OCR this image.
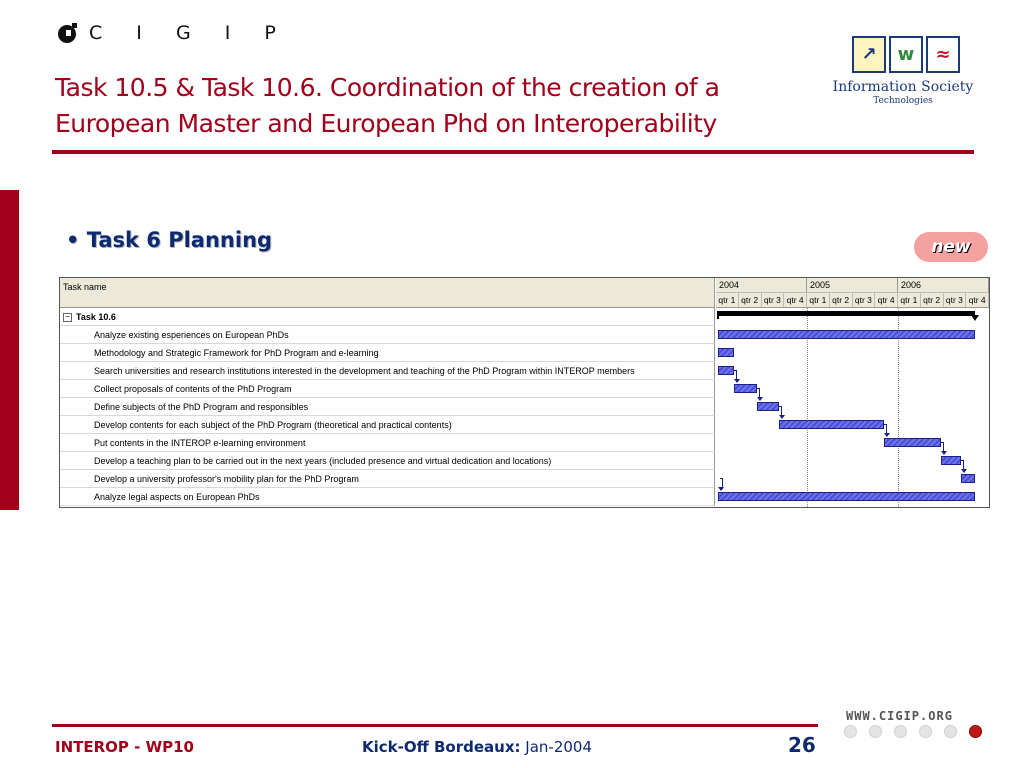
C I G I P
↗	w	≈
Information Society
Technologies
Task 10.5 & Task 10.6. Coordination of the creation of a
European Master and European Phd on Interoperability
• Task 6 Planning	new
Task name	2004	2005	2006
qtr 1 qtr 2 qtr 3 qtr 4 qtr 1 qtr 2 qtr 3 qtr 4 qtr 1 qtr 2 qtr 3 qtr 4
− Task 10.6
Analyze existing esperiences on European PhDs
Methodology and Strategic Framework for PhD Program and e-learning
Search universities and research institutions interested in the development and teaching of the PhD Program within INTEROP members
Collect proposals of contents of the PhD Program
Define subjects of the PhD Program and responsibles
Develop contents for each subject of the PhD Program (theoretical and practical contents)
Put contents in the INTEROP e-learning environment
Develop a teaching plan to be carried out in the next years (included presence and virtual dedication and locations)
Develop a university professor's mobility plan for the PhD Program
Analyze legal aspects on European PhDs
INTEROP - WP10	Kick-Off Bordeaux: Jan-2004	26
WWW.CIGIP.ORG
